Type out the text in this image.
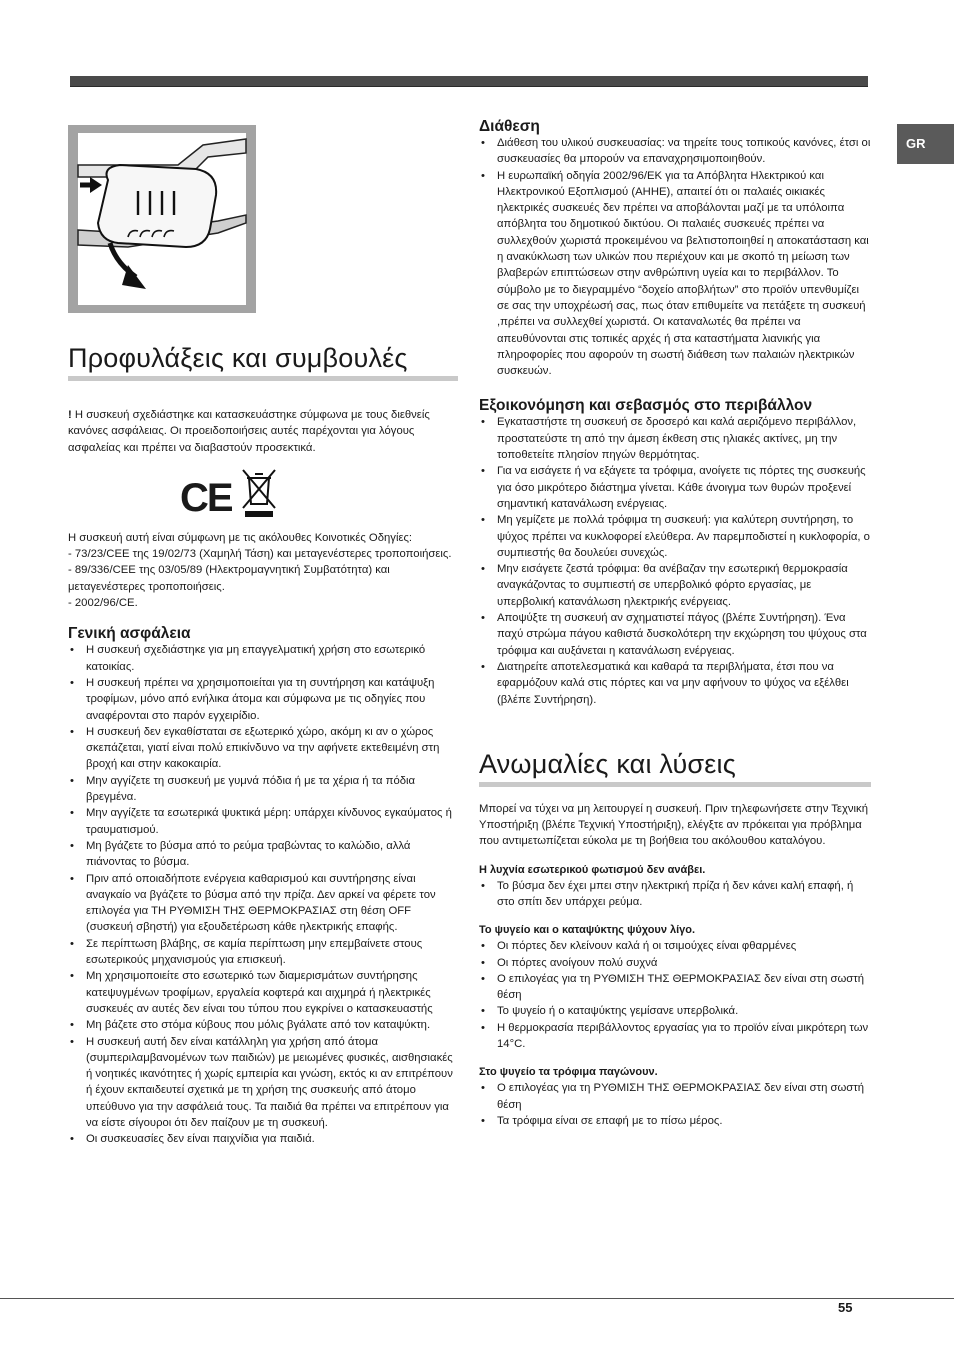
GR
Προφυλάξεις και συμβουλές

! Η συσκευή σχεδιάστηκε και κατασκευάστηκε σύμφωνα με τους διεθνείς κανόνες ασφάλειας. Οι προειδοποιήσεις αυτές παρέχονται για λόγους ασφαλείας και πρέπει να διαβαστούν προσεκτικά.

CE

Η συσκευή αυτή είναι σύμφωνη με τις ακόλουθες Κοινοτικές Οδηγίες:

- 73/23/CEE της 19/02/73 (Χαμηλή Τάση) και μεταγενέστερες τροποποιήσεις.

- 89/336/CEE της 03/05/89 (Ηλεκτρομαγνητική Συμβατότητα) και μεταγενέστερες τροποποιήσεις.

- 2002/96/CE.

Γενική ασφάλεια
• Η συσκευή σχεδιάστηκε για μη επαγγελματική χρήση στο εσωτερικό κατοικίας.
• Η συσκευή πρέπει να χρησιμοποιείται για τη συντήρηση και κατάψυξη τροφίμων, μόνο από ενήλικα άτομα και σύμφωνα με τις οδηγίες που αναφέρονται στο παρόν εγχειρίδιο.
• Η συσκευή δεν εγκαθίσταται σε εξωτερικό χώρο, ακόμη κι αν ο χώρος σκεπάζεται, γιατί είναι πολύ επικίνδυνο να την αφήνετε εκτεθειμένη στη βροχή και στην κακοκαιρία.
• Μην αγγίζετε τη συσκευή με γυμνά πόδια ή με τα χέρια ή τα πόδια βρεγμένα.
• Μην αγγίζετε τα εσωτερικά ψυκτικά μέρη: υπάρχει κίνδυνος εγκαύματος ή τραυματισμού.
• Μη βγάζετε το βύσμα από το ρεύμα τραβώντας το καλώδιο, αλλά πιάνοντας το βύσμα.
• Πριν από οποιαδήποτε ενέργεια καθαρισμού και συντήρησης είναι αναγκαίο να βγάζετε το βύσμα από την πρίζα. Δεν αρκεί να φέρετε τον επιλογέα για ΤΗ ΡΥΘΜΙΣΗ ΤΗΣ ΘΕΡΜΟΚΡΑΣΙΑΣ στη θέση OFF (συσκευή σβηστή) για εξουδετέρωση κάθε ηλεκτρικής επαφής.
• Σε περίπτωση βλάβης, σε καμία περίπτωση μην επεμβαίνετε στους εσωτερικούς μηχανισμούς για επισκευή.
• Μη χρησιμοποιείτε στο εσωτερικό των διαμερισμάτων συντήρησης κατεψυγμένων τροφίμων, εργαλεία κοφτερά και αιχμηρά ή ηλεκτρικές συσκευές αν αυτές δεν είναι του τύπου που εγκρίνει ο κατασκευαστής
• Μη βάζετε στο στόμα κύβους που μόλις βγάλατε από τον καταψύκτη.
• Η συσκευή αυτή δεν είναι κατάλληλη για χρήση από άτομα (συμπεριλαμβανομένων των παιδιών) με μειωμένες φυσικές, αισθησιακές ή νοητικές ικανότητες ή χωρίς εμπειρία και γνώση, εκτός κι αν επιτρέπουν ή έχουν εκπαιδευτεί σχετικά με τη χρήση της συσκευής από άτομο υπεύθυνο για την ασφάλειά τους. Τα παιδιά θα πρέπει να επιτρέπουν για να είστε σίγουροι ότι δεν παίζουν με τη συσκευή.
• Οι συσκευασίες δεν είναι παιχνίδια για παιδιά.
Διάθεση
• Διάθεση του υλικού συσκευασίας: να τηρείτε τους τοπικούς κανόνες, έτσι οι συσκευασίες θα μπορούν να επαναχρησιμοποιηθούν.
• Η ευρωπαϊκή οδηγία 2002/96/ΕΚ για τα Απόβλητα Ηλεκτρικού και Ηλεκτρονικού Εξοπλισμού (ΑΗΗΕ), απαιτεί ότι οι παλαιές οικιακές ηλεκτρικές συσκευές δεν πρέπει να αποβάλονται μαζί με τα υπόλοιπα απόβλητα του δημοτικού δικτύου. Οι παλαιές συσκευές πρέπει να συλλεχθούν χωριστά προκειμένου να βελτιστοποιηθεί η αποκατάσταση και η ανακύκλωση των υλικών που περιέχουν και με σκοπό τη μείωση των βλαβερών επιπτώσεων στην ανθρώπινη υγεία και το περιβάλλον. Το σύμβολο με το διεγραμμένο “δοχείο αποβλήτων” στο προϊόν υπενθυμίζει σε σας την υποχρέωσή σας, πως όταν επιθυμείτε να πετάξετε τη συσκευή ,πρέπει να συλλεχθεί χωριστά. Οι καταναλωτές θα πρέπει να απευθύνονται στις τοπικές αρχές ή στα καταστήματα λιανικής για πληροφορίες που αφορούν τη σωστή διάθεση των παλαιών ηλεκτρικών συσκευών.
Εξοικονόμηση και σεβασμός στο περιβάλλον
• Εγκαταστήστε τη συσκευή σε δροσερό και καλά αεριζόμενο περιβάλλον, προστατεύστε τη από την άμεση έκθεση στις ηλιακές ακτίνες, μη την τοποθετείτε πλησίον πηγών θερμότητας.
• Για να εισάγετε ή να εξάγετε τα τρόφιμα, ανοίγετε τις πόρτες της συσκευής για όσο μικρότερο διάστημα γίνεται. Κάθε άνοιγμα των θυρών προξενεί σημαντική κατανάλωση ενέργειας.
• Μη γεμίζετε με πολλά τρόφιμα τη συσκευή: για καλύτερη συντήρηση, το ψύχος πρέπει να κυκλοφορεί ελεύθερα. Αν παρεμποδιστεί η κυκλοφορία, ο συμπιεστής θα δουλεύει συνεχώς.
• Μην εισάγετε ζεστά τρόφιμα: θα ανέβαζαν την εσωτερική θερμοκρασία αναγκάζοντας το συμπιεστή σε υπερβολικό φόρτο εργασίας, με υπερβολική κατανάλωση ηλεκτρικής ενέργειας.
• Αποψύξτε τη συσκευή αν σχηματιστεί πάγος (βλέπε Συντήρηση). Ένα παχύ στρώμα πάγου καθιστά δυσκολότερη την εκχώρηση του ψύχους στα τρόφιμα και αυξάνεται η κατανάλωση ενέργειας.
• Διατηρείτε αποτελεσματικά και καθαρά τα περιβλήματα, έτσι που να εφαρμόζουν καλά στις πόρτες και να μην αφήνουν το ψύχος να εξέλθει (βλέπε Συντήρηση).
Ανωμαλίες και λύσεις

Μπορεί να τύχει να μη λειτουργεί η συσκευή. Πριν τηλεφωνήσετε στην Τεχνική Υποστήριξη (βλέπε Τεχνική Υποστήριξη), ελέγξτε αν πρόκειται για πρόβλημα που αντιμετωπίζεται εύκολα με τη βοήθεια του ακόλουθου καταλόγου.

Η λυχνία εσωτερικού φωτισμού δεν ανάβει.
• Το βύσμα δεν έχει μπει στην ηλεκτρική πρίζα ή δεν κάνει καλή επαφή, ή στο σπίτι δεν υπάρχει ρεύμα.
Το ψυγείο και ο καταψύκτης ψύχουν λίγο.
• Οι πόρτες δεν κλείνουν καλά ή οι τσιμούχες είναι φθαρμένες
• Οι πόρτες ανοίγουν πολύ συχνά
• Ο επιλογέας για τη ΡΥΘΜΙΣΗ ΤΗΣ ΘΕΡΜΟΚΡΑΣΙΑΣ δεν είναι στη σωστή θέση
• Το ψυγείο ή ο καταψύκτης γεμίσανε υπερβολικά.
• Η θερμοκρασία περιβάλλοντος εργασίας για το προϊόν είναι μικρότερη των 14°C.
Στο ψυγείο τα τρόφιμα παγώνουν.
• Ο επιλογέας για τη ΡΥΘΜΙΣΗ ΤΗΣ ΘΕΡΜΟΚΡΑΣΙΑΣ δεν είναι στη σωστή θέση
• Τα τρόφιμα είναι σε επαφή με το πίσω μέρος.
55
